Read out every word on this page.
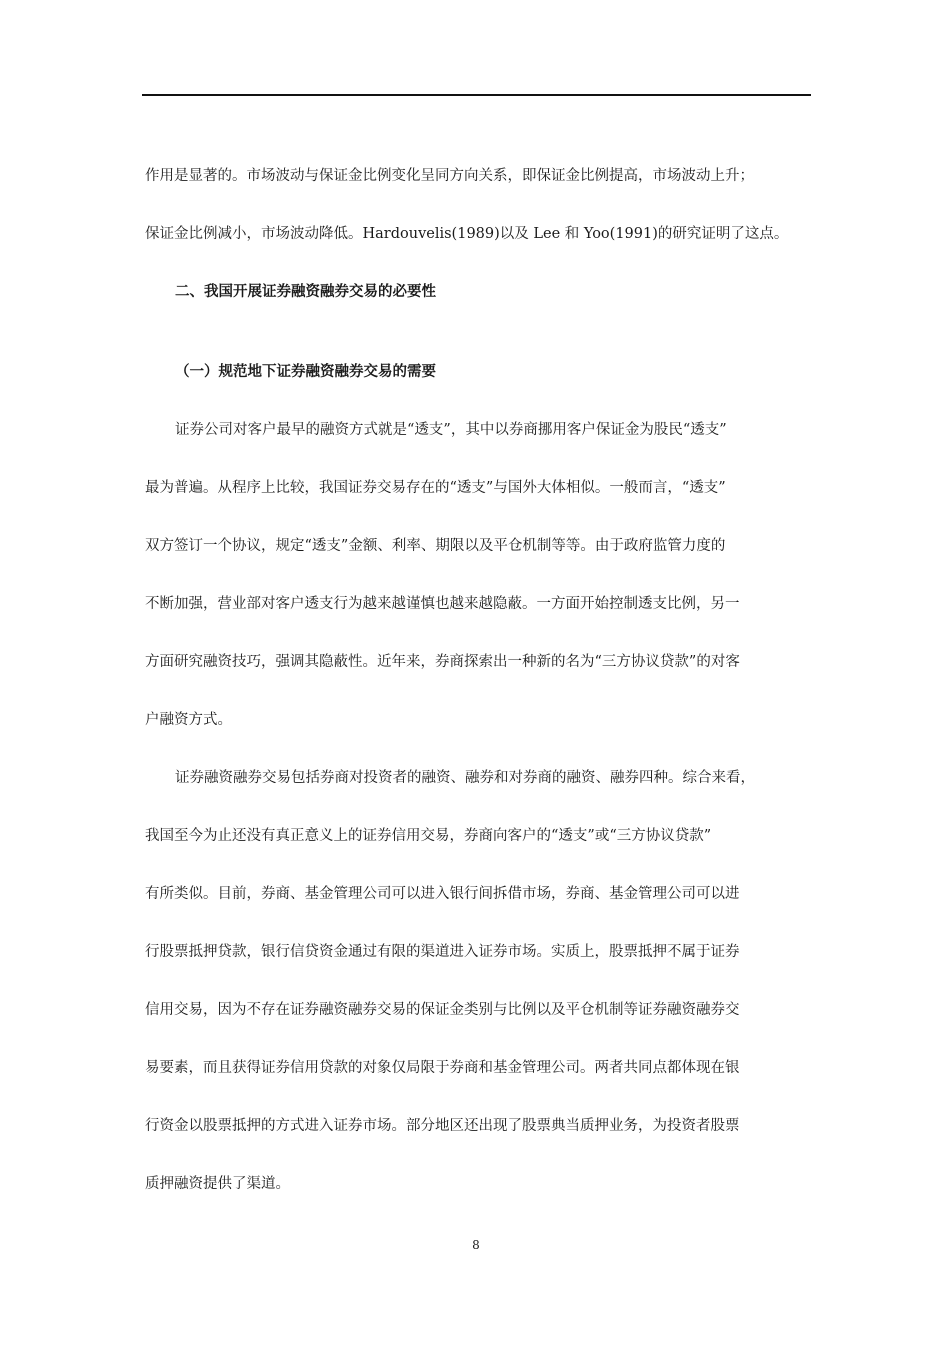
作用是显著的。市场波动与保证金比例变化呈同方向关系，即保证金比例提高，市场波动上升；
保证金比例减小，市场波动降低。Hardouvelis(1989)以及 Lee 和 Yoo(1991)的研究证明了这点。
二、我国开展证券融资融券交易的必要性
（一）规范地下证券融资融券交易的需要
证券公司对客户最早的融资方式就是“透支”，其中以券商挪用客户保证金为股民“透支”
最为普遍。从程序上比较，我国证券交易存在的“透支”与国外大体相似。一般而言，“透支”
双方签订一个协议，规定“透支”金额、利率、期限以及平仓机制等等。由于政府监管力度的
不断加强，营业部对客户透支行为越来越谨慎也越来越隐蔽。一方面开始控制透支比例，另一
方面研究融资技巧，强调其隐蔽性。近年来，券商探索出一种新的名为“三方协议贷款”的对客
户融资方式。
证券融资融券交易包括券商对投资者的融资、融券和对券商的融资、融券四种。综合来看，
我国至今为止还没有真正意义上的证券信用交易，券商向客户的“透支”或“三方协议贷款”
有所类似。目前，券商、基金管理公司可以进入银行间拆借市场，券商、基金管理公司可以进
行股票抵押贷款，银行信贷资金通过有限的渠道进入证券市场。实质上，股票抵押不属于证券
信用交易，因为不存在证券融资融券交易的保证金类别与比例以及平仓机制等证券融资融券交
易要素，而且获得证券信用贷款的对象仅局限于券商和基金管理公司。两者共同点都体现在银
行资金以股票抵押的方式进入证券市场。部分地区还出现了股票典当质押业务，为投资者股票
质押融资提供了渠道。
8
